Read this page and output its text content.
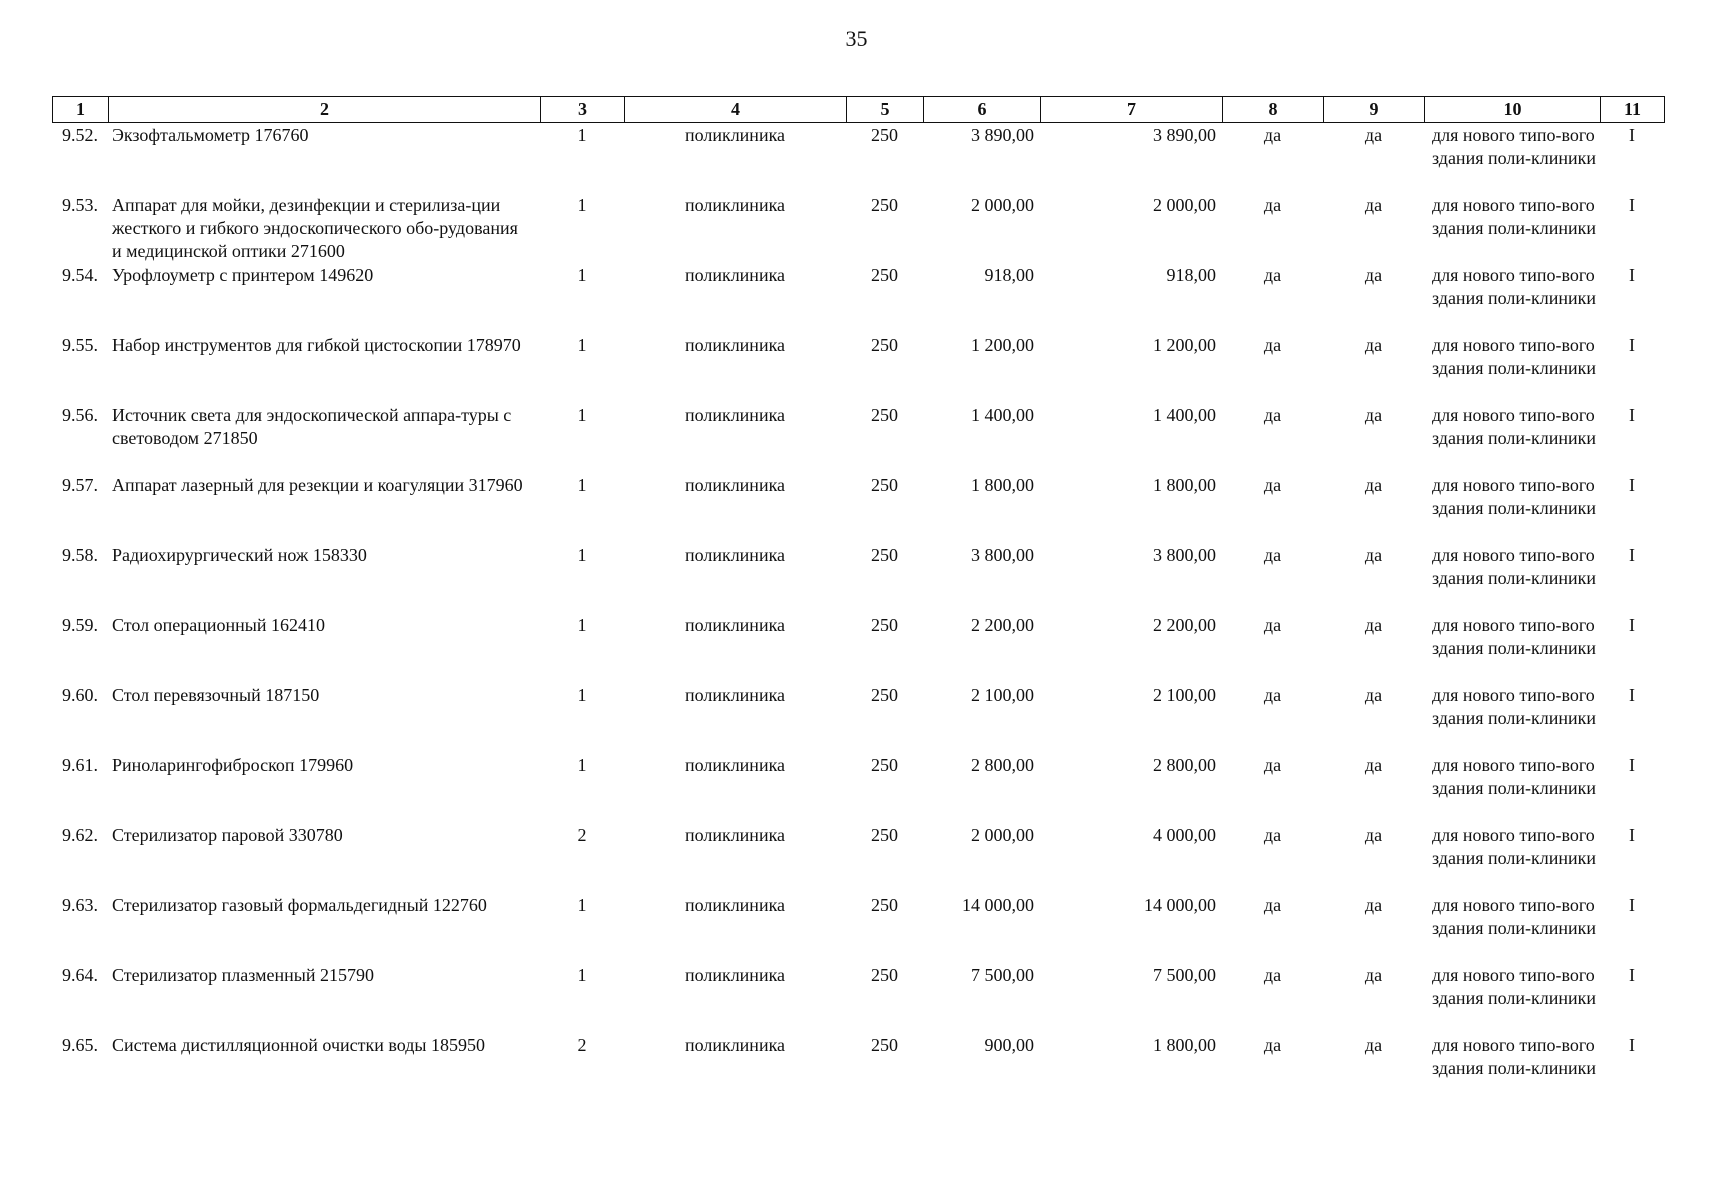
35
1	2	3	4	5	6	7	8	9	10	11
9.52.	Экзофтальмометр 176760	1	поликлиника	250	3 890,00	3 890,00	да	да	для нового типо-вого здания поли-клиники	I
9.53.	Аппарат для мойки, дезинфекции и стерилиза-ции жесткого и гибкого эндоскопического обо-рудования и медицинской оптики 271600	1	поликлиника	250	2 000,00	2 000,00	да	да	для нового типо-вого здания поли-клиники	I
9.54.	Урофлоуметр с принтером 149620	1	поликлиника	250	918,00	918,00	да	да	для нового типо-вого здания поли-клиники	I
9.55.	Набор инструментов для гибкой цистоскопии 178970	1	поликлиника	250	1 200,00	1 200,00	да	да	для нового типо-вого здания поли-клиники	I
9.56.	Источник света для эндоскопической аппара-туры с световодом 271850	1	поликлиника	250	1 400,00	1 400,00	да	да	для нового типо-вого здания поли-клиники	I
9.57.	Аппарат лазерный для резекции и коагуляции 317960	1	поликлиника	250	1 800,00	1 800,00	да	да	для нового типо-вого здания поли-клиники	I
9.58.	Радиохирургический нож 158330	1	поликлиника	250	3 800,00	3 800,00	да	да	для нового типо-вого здания поли-клиники	I
9.59.	Стол операционный 162410	1	поликлиника	250	2 200,00	2 200,00	да	да	для нового типо-вого здания поли-клиники	I
9.60.	Стол перевязочный 187150	1	поликлиника	250	2 100,00	2 100,00	да	да	для нового типо-вого здания поли-клиники	I
9.61.	Риноларингофиброскоп 179960	1	поликлиника	250	2 800,00	2 800,00	да	да	для нового типо-вого здания поли-клиники	I
9.62.	Стерилизатор паровой 330780	2	поликлиника	250	2 000,00	4 000,00	да	да	для нового типо-вого здания поли-клиники	I
9.63.	Стерилизатор газовый формальдегидный 122760	1	поликлиника	250	14 000,00	14 000,00	да	да	для нового типо-вого здания поли-клиники	I
9.64.	Стерилизатор плазменный 215790	1	поликлиника	250	7 500,00	7 500,00	да	да	для нового типо-вого здания поли-клиники	I
9.65.	Система дистилляционной очистки воды 185950	2	поликлиника	250	900,00	1 800,00	да	да	для нового типо-вого здания поли-клиники	I
